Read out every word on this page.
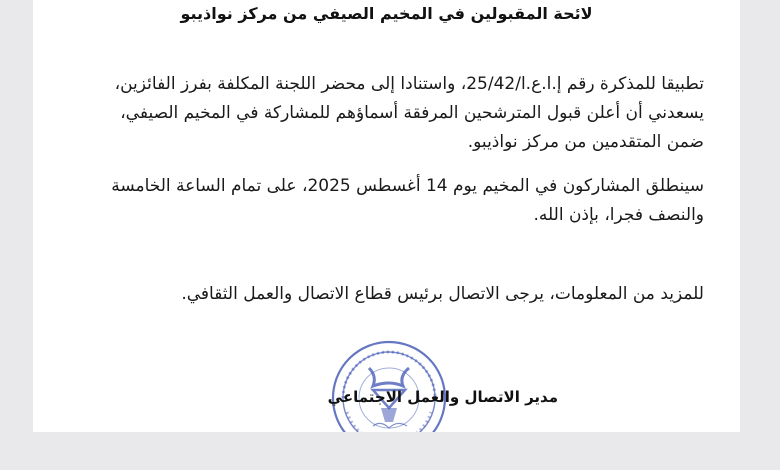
لائحة المقبولين في المخيم الصيفي من مركز نواذيبو

تطبيقا للمذكرة رقم إ.ا.ع.ا/25/42، واستنادا إلى محضر اللجنة المكلفة بفرز الفائزين، يسعدني أن أعلن قبول المترشحين المرفقة أسماؤهم للمشاركة في المخيم الصيفي، ضمن المتقدمين من مركز نواذيبو.

سينطلق المشاركون في المخيم يوم 14 أغسطس 2025، على تمام الساعة الخامسة والنصف فجرا، بإذن الله.

للمزيد من المعلومات، يرجى الاتصال برئيس قطاع الاتصال والعمل الثقافي.

مدير الاتصال والعمل الاجتماعي
